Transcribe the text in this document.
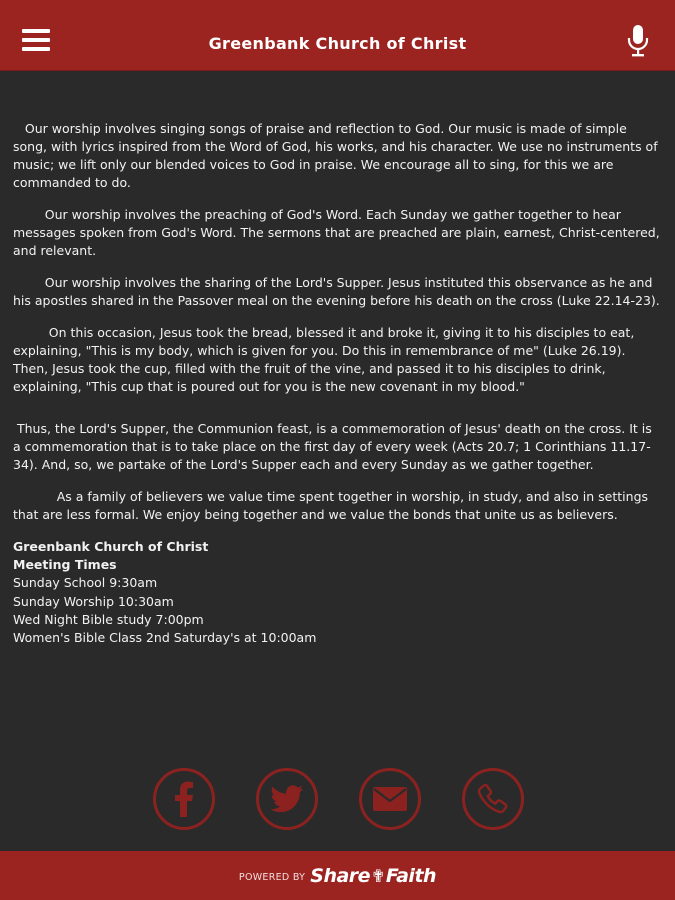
Greenbank Church of Christ

Our worship involves singing songs of praise and reflection to God. Our music is made of simple song, with lyrics inspired from the Word of God, his works, and his character. We use no instruments of music; we lift only our blended voices to God in praise. We encourage all to sing, for this we are commanded to do.

Our worship involves the preaching of God's Word. Each Sunday we gather together to hear messages spoken from God's Word. The sermons that are preached are plain, earnest, Christ-centered, and relevant.

Our worship involves the sharing of the Lord's Supper. Jesus instituted this observance as he and his apostles shared in the Passover meal on the evening before his death on the cross (Luke 22.14-23).

On this occasion, Jesus took the bread, blessed it and broke it, giving it to his disciples to eat, explaining, "This is my body, which is given for you. Do this in remembrance of me" (Luke 26.19). Then, Jesus took the cup, filled with the fruit of the vine, and passed it to his disciples to drink, explaining, "This cup that is poured out for you is the new covenant in my blood."

Thus, the Lord's Supper, the Communion feast, is a commemoration of Jesus' death on the cross. It is a commemoration that is to take place on the first day of every week (Acts 20.7; 1 Corinthians 11.17-34). And, so, we partake of the Lord's Supper each and every Sunday as we gather together.

As a family of believers we value time spent together in worship, in study, and also in settings that are less formal. We enjoy being together and we value the bonds that unite us as believers.

Greenbank Church of Christ
Meeting Times
Sunday School 9:30am
Sunday Worship 10:30am
Wed Night Bible study 7:00pm
Women's Bible Class 2nd Saturday's at 10:00am
POWERED BY Share✟Faith
